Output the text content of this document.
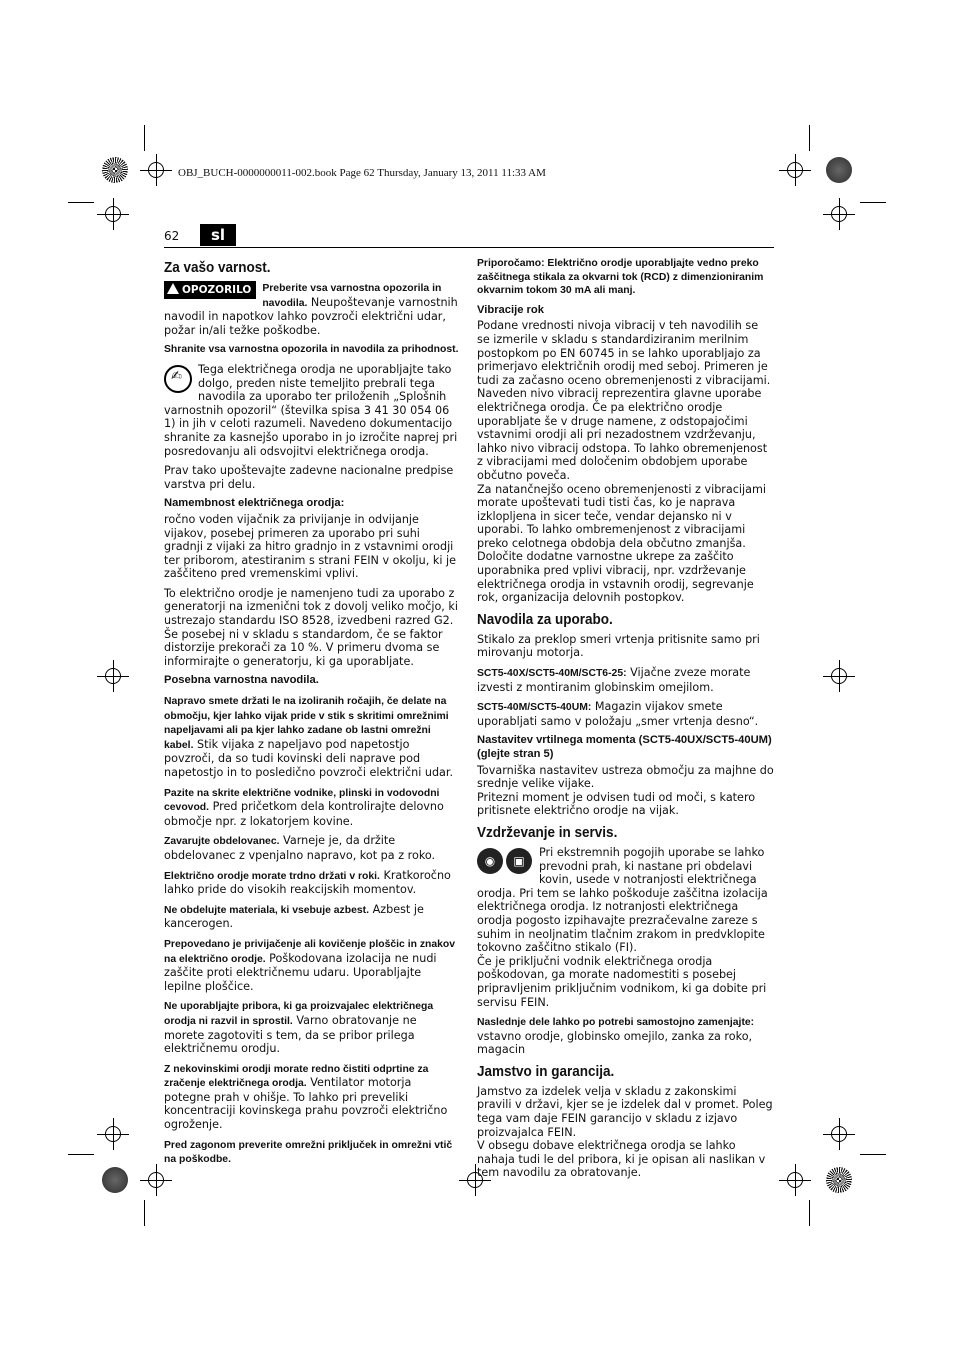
OBJ_BUCH-0000000011-002.book Page 62 Thursday, January 13, 2011 11:33 AM
62	sl
Za vašo varnost.

OPOZORILO	Preberite vsa varnostna opozorila in navodila. Neupoštevanje varnostnih navodil in napotkov lahko povzroči električni udar, požar in/ali težke poškodbe.

Shranite vsa varnostna opozorila in navodila za prihodnost.

✍ Tega električnega orodja ne uporabljajte tako dolgo, preden niste temeljito prebrali tega navodila za uporabo ter priloženih „Splošnih varnostnih opozoril“ (številka spisa 3 41 30 054 06 1) in jih v celoti razumeli. Navedeno dokumentacijo shranite za kasnejšo uporabo in jo izročite naprej pri posredovanju ali odsvojitvi električnega orodja.

Prav tako upoštevajte zadevne nacionalne predpise varstva pri delu.

Namembnost električnega orodja:

ročno voden vijačnik za privijanje in odvijanje vijakov, posebej primeren za uporabo pri suhi gradnji z vijaki za hitro gradnjo in z vstavnimi orodji ter priborom, atestiranim s strani FEIN v okolju, ki je zaščiteno pred vremenskimi vplivi.

To električno orodje je namenjeno tudi za uporabo z generatorji na izmenični tok z dovolj veliko močjo, ki ustrezajo standardu ISO 8528, izvedbeni razred G2. Še posebej ni v skladu s standardom, če se faktor distorzije prekorači za 10 %. V primeru dvoma se informirajte o generatorju, ki ga uporabljate.

Posebna varnostna navodila.

Napravo smete držati le na izoliranih ročajih, če delate na območju, kjer lahko vijak pride v stik s skritimi omrežnimi napeljavami ali pa kjer lahko zadane ob lastni omrežni kabel. Stik vijaka z napeljavo pod napetostjo povzroči, da so tudi kovinski deli naprave pod napetostjo in to posledično povzroči električni udar.

Pazite na skrite električne vodnike, plinski in vodovodni cevovod. Pred pričetkom dela kontrolirajte delovno območje npr. z lokatorjem kovine.

Zavarujte obdelovanec. Varneje je, da držite obdelovanec z vpenjalno napravo, kot pa z roko.

Električno orodje morate trdno držati v roki. Kratkoročno lahko pride do visokih reakcijskih momentov.

Ne obdelujte materiala, ki vsebuje azbest. Azbest je kancerogen.

Prepovedano je privijačenje ali kovičenje ploščic in znakov na električno orodje. Poškodovana izolacija ne nudi zaščite proti električnemu udaru. Uporabljajte lepilne ploščice.

Ne uporabljajte pribora, ki ga proizvajalec električnega orodja ni razvil in sprostil. Varno obratovanje ne morete zagotoviti s tem, da se pribor prilega električnemu orodju.

Z nekovinskimi orodji morate redno čistiti odprtine za zračenje električnega orodja. Ventilator motorja potegne prah v ohišje. To lahko pri preveliki koncentraciji kovinskega prahu povzroči električno ogroženje.

Pred zagonom preverite omrežni priključek in omrežni vtič na poškodbe.

Priporočamo: Električno orodje uporabljajte vedno preko zaščitnega stikala za okvarni tok (RCD) z dimenzioniranim okvarnim tokom 30 mA ali manj.

Vibracije rok

Podane vrednosti nivoja vibracij v teh navodilih se se izmerile v skladu s standardiziranim merilnim postopkom po EN 60745 in se lahko uporabljajo za primerjavo električnih orodij med seboj. Primeren je tudi za začasno oceno obremenjenosti z vibracijami.

Naveden nivo vibracij reprezentira glavne uporabe električnega orodja. Če pa električno orodje uporabljate še v druge namene, z odstopajočimi vstavnimi orodji ali pri nezadostnem vzdrževanju, lahko nivo vibracij odstopa. To lahko obremenjenost z vibracijami med določenim obdobjem uporabe občutno poveča.

Za natančnejšo oceno obremenjenosti z vibracijami morate upoštevati tudi tisti čas, ko je naprava izklopljena in sicer teče, vendar dejansko ni v uporabi. To lahko ombremenjenost z vibracijami preko celotnega obdobja dela občutno zmanjša.

Določite dodatne varnostne ukrepe za zaščito uporabnika pred vplivi vibracij, npr. vzdrževanje električnega orodja in vstavnih orodij, segrevanje rok, organizacija delovnih postopkov.

Navodila za uporabo.

Stikalo za preklop smeri vrtenja pritisnite samo pri mirovanju motorja.

SCT5-40X/SCT5-40M/SCT6-25: Vijačne zveze morate izvesti z montiranim globinskim omejilom.

SCT5-40M/SCT5-40UM: Magazin vijakov smete uporabljati samo v položaju „smer vrtenja desno“.

Nastavitev vrtilnega momenta (SCT5-40UX/SCT5-40UM) (glejte stran 5)

Tovarniška nastavitev ustreza območju za majhne do srednje velike vijake.

Pritezni moment je odvisen tudi od moči, s katero pritisnete električno orodje na vijak.

Vzdrževanje in servis.

◉	▣
Pri ekstremnih pogojih uporabe se lahko prevodni prah, ki nastane pri obdelavi kovin, usede v notranjosti električnega orodja. Pri tem se lahko poškoduje zaščitna izolacija električnega orodja. Iz notranjosti električnega orodja pogosto izpihavajte prezračevalne zareze s suhim in neoljnatim tlačnim zrakom in predvklopite tokovno zaščitno stikalo (FI).

Če je priključni vodnik električnega orodja poškodovan, ga morate nadomestiti s posebej pripravljenim priključnim vodnikom, ki ga dobite pri servisu FEIN.

Naslednje dele lahko po potrebi samostojno zamenjajte:
vstavno orodje, globinsko omejilo, zanka za roko, magacin

Jamstvo in garancija.

Jamstvo za izdelek velja v skladu z zakonskimi pravili v državi, kjer se je izdelek dal v promet. Poleg tega vam daje FEIN garancijo v skladu z izjavo proizvajalca FEIN.

V obsegu dobave električnega orodja se lahko nahaja tudi le del pribora, ki je opisan ali naslikan v tem navodilu za obratovanje.
